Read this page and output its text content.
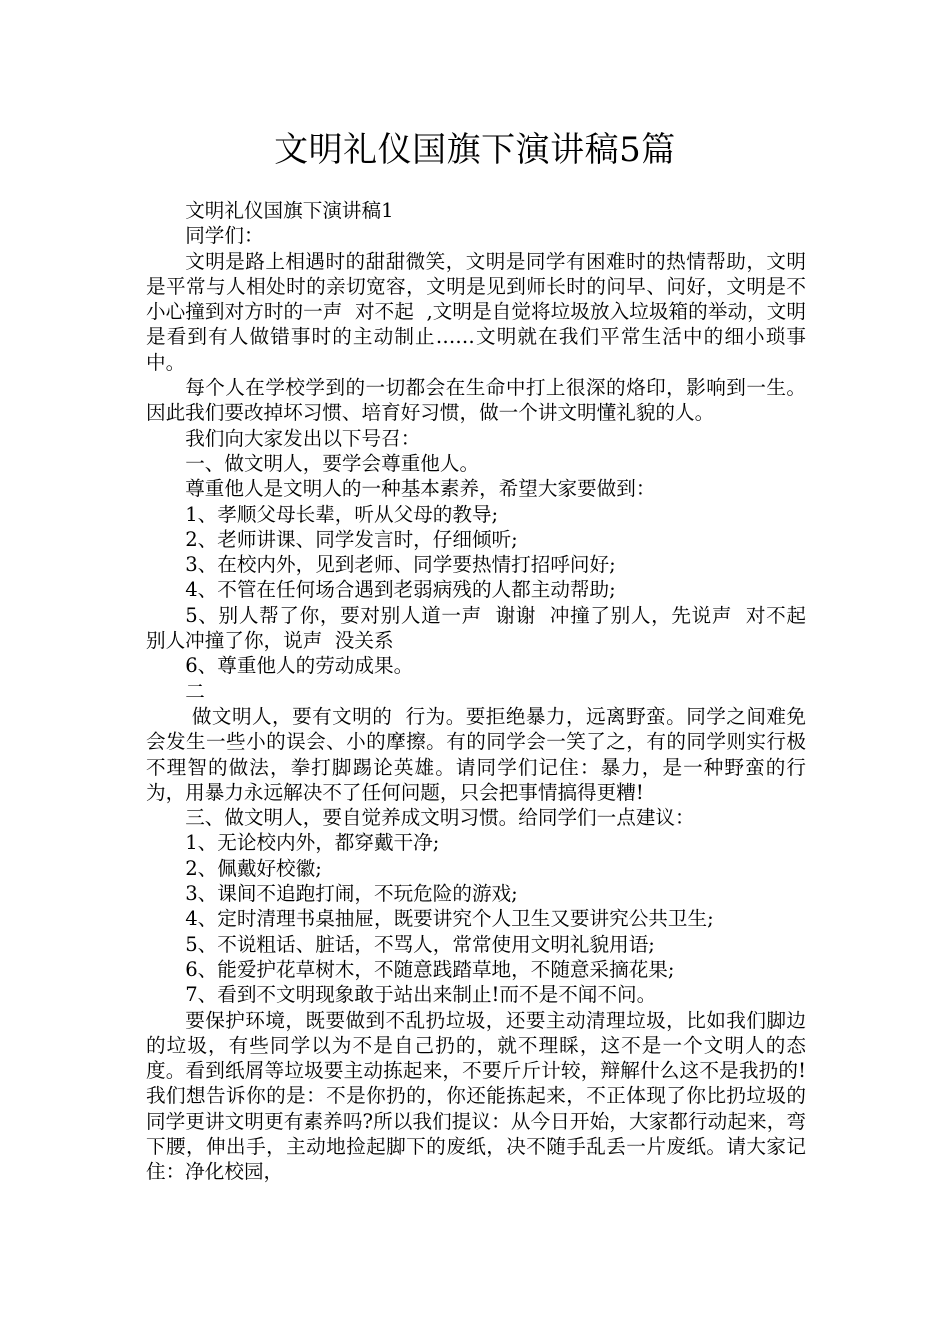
文明礼仪国旗下演讲稿5篇

文明礼仪国旗下演讲稿1

同学们：

文明是路上相遇时的甜甜微笑，文明是同学有困难时的热情帮助，文明是平常与人相处时的亲切宽容，文明是见到师长时的问早、问好，文明是不小心撞到对方时的一声  对不起  ,文明是自觉将垃圾放入垃圾箱的举动，文明是看到有人做错事时的主动制止……文明就在我们平常生活中的细小琐事中。

每个人在学校学到的一切都会在生命中打上很深的烙印，影响到一生。因此我们要改掉坏习惯、培育好习惯，做一个讲文明懂礼貌的人。

我们向大家发出以下号召：

一、做文明人，要学会尊重他人。

尊重他人是文明人的一种基本素养，希望大家要做到：

1、孝顺父母长辈，听从父母的教导;

2、老师讲课、同学发言时，仔细倾听;

3、在校内外，见到老师、同学要热情打招呼问好;

4、不管在任何场合遇到老弱病残的人都主动帮助;

5、别人帮了你，要对别人道一声  谢谢  冲撞了别人，先说声  对不起  别人冲撞了你，说声  没关系

6、尊重他人的劳动成果。

二

做文明人，要有文明的  行为。要拒绝暴力，远离野蛮。同学之间难免会发生一些小的误会、小的摩擦。有的同学会一笑了之，有的同学则实行极不理智的做法，拳打脚踢论英雄。请同学们记住：暴力，是一种野蛮的行为，用暴力永远解决不了任何问题，只会把事情搞得更糟!

三、做文明人，要自觉养成文明习惯。给同学们一点建议：

1、无论校内外，都穿戴干净;

2、佩戴好校徽;

3、课间不追跑打闹，不玩危险的游戏;

4、定时清理书桌抽屉，既要讲究个人卫生又要讲究公共卫生;

5、不说粗话、脏话，不骂人，常常使用文明礼貌用语;

6、能爱护花草树木，不随意践踏草地，不随意采摘花果;

7、看到不文明现象敢于站出来制止!而不是不闻不问。

要保护环境，既要做到不乱扔垃圾，还要主动清理垃圾，比如我们脚边的垃圾，有些同学以为不是自己扔的，就不理睬，这不是一个文明人的态度。看到纸屑等垃圾要主动拣起来，不要斤斤计较，辩解什么这不是我扔的!我们想告诉你的是：不是你扔的，你还能拣起来，不正体现了你比扔垃圾的同学更讲文明更有素养吗?所以我们提议：从今日开始，大家都行动起来，弯下腰，伸出手，主动地捡起脚下的废纸，决不随手乱丢一片废纸。请大家记住：净化校园，
